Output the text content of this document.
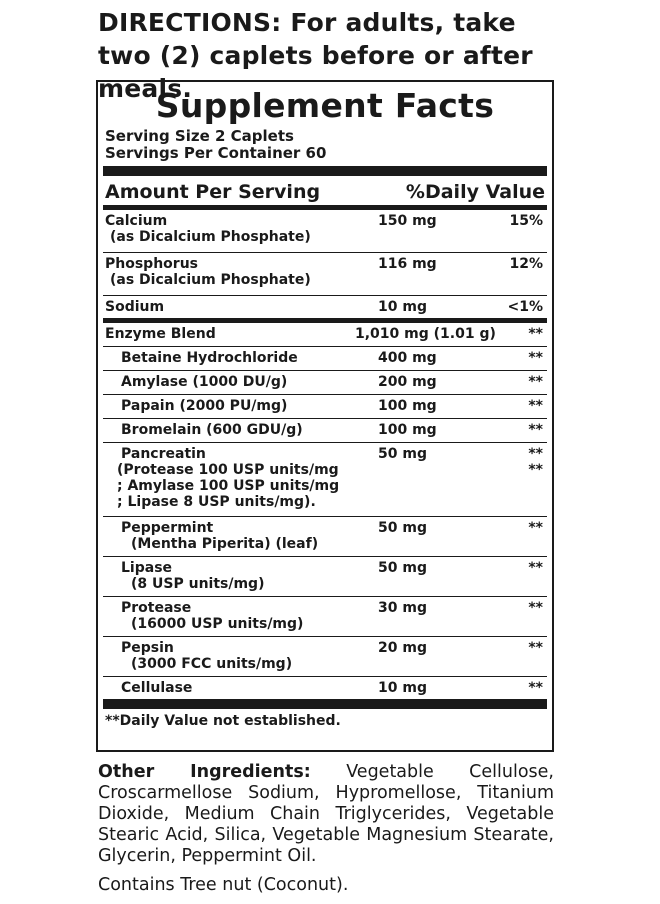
DIRECTIONS: For adults, take two (2) caplets before or after meals.
Supplement Facts
Serving Size 2 Caplets
Servings Per Container 60
Amount Per Serving	%Daily Value
Calcium
(as Dicalcium Phosphate)
150 mg	15%
Phosphorus
(as Dicalcium Phosphate)
116 mg	12%
Sodium	10 mg	<1%
Enzyme Blend	1,010 mg (1.01 g) **
Betaine Hydrochloride	400 mg	**
Amylase (1000 DU/g)	200 mg	**
Papain (2000 PU/mg)	100 mg	**
Bromelain (600 GDU/g)	100 mg	**
Pancreatin
(Protease 100 USP units/mg
; Amylase 100 USP units/mg
; Lipase 8 USP units/mg).
50 mg	**
**
Peppermint
(Mentha Piperita) (leaf)
50 mg	**
Lipase
(8 USP units/mg)
50 mg	**
Protease
(16000 USP units/mg)
30 mg	**
Pepsin
(3000 FCC units/mg)
20 mg	**
Cellulase	10 mg	**
**Daily Value not established.
Other Ingredients: Vegetable Cellulose, Croscarmellose Sodium, Hypromellose, Titanium Dioxide, Medium Chain Triglycerides, Vegetable Stearic Acid, Silica, Vegetable Magnesium Stearate, Glycerin, Peppermint Oil.
Contains Tree nut (Coconut).
